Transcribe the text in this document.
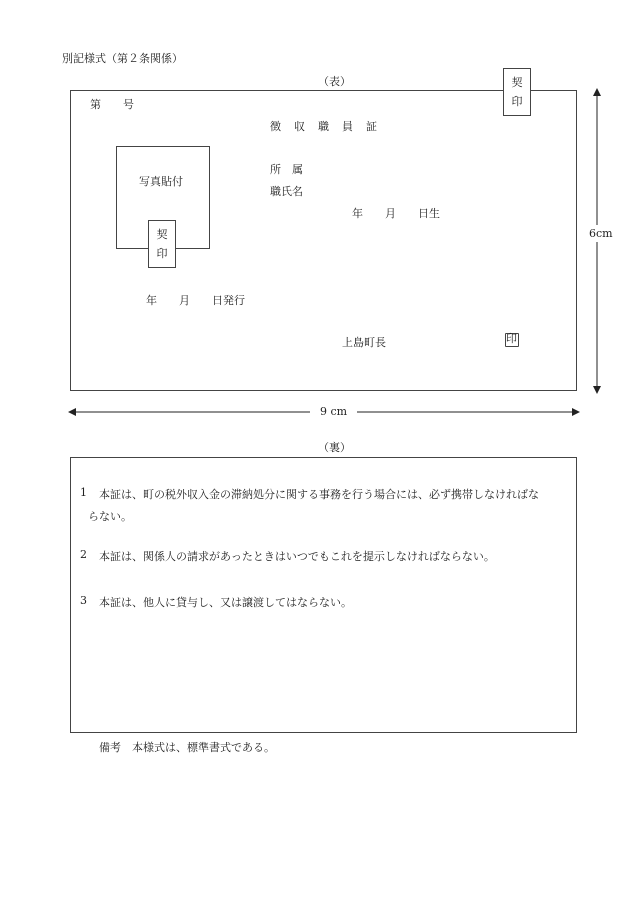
別記様式（第２条関係）
（表）
第　　号
徴　収　職　員　証
写真貼付
契
印
契
印
所　属
職氏名
年　　月　　日生
年　　月　　日発行
上島町長	印
6cm
9 cm
（裏）
1 本証は、町の税外収入金の滞納処分に関する事務を行う場合には、必ず携帯しなければな
らない。
2 本証は、関係人の請求があったときはいつでもこれを提示しなければならない。
3 本証は、他人に貸与し、又は譲渡してはならない。
備考　本様式は、標準書式である。
